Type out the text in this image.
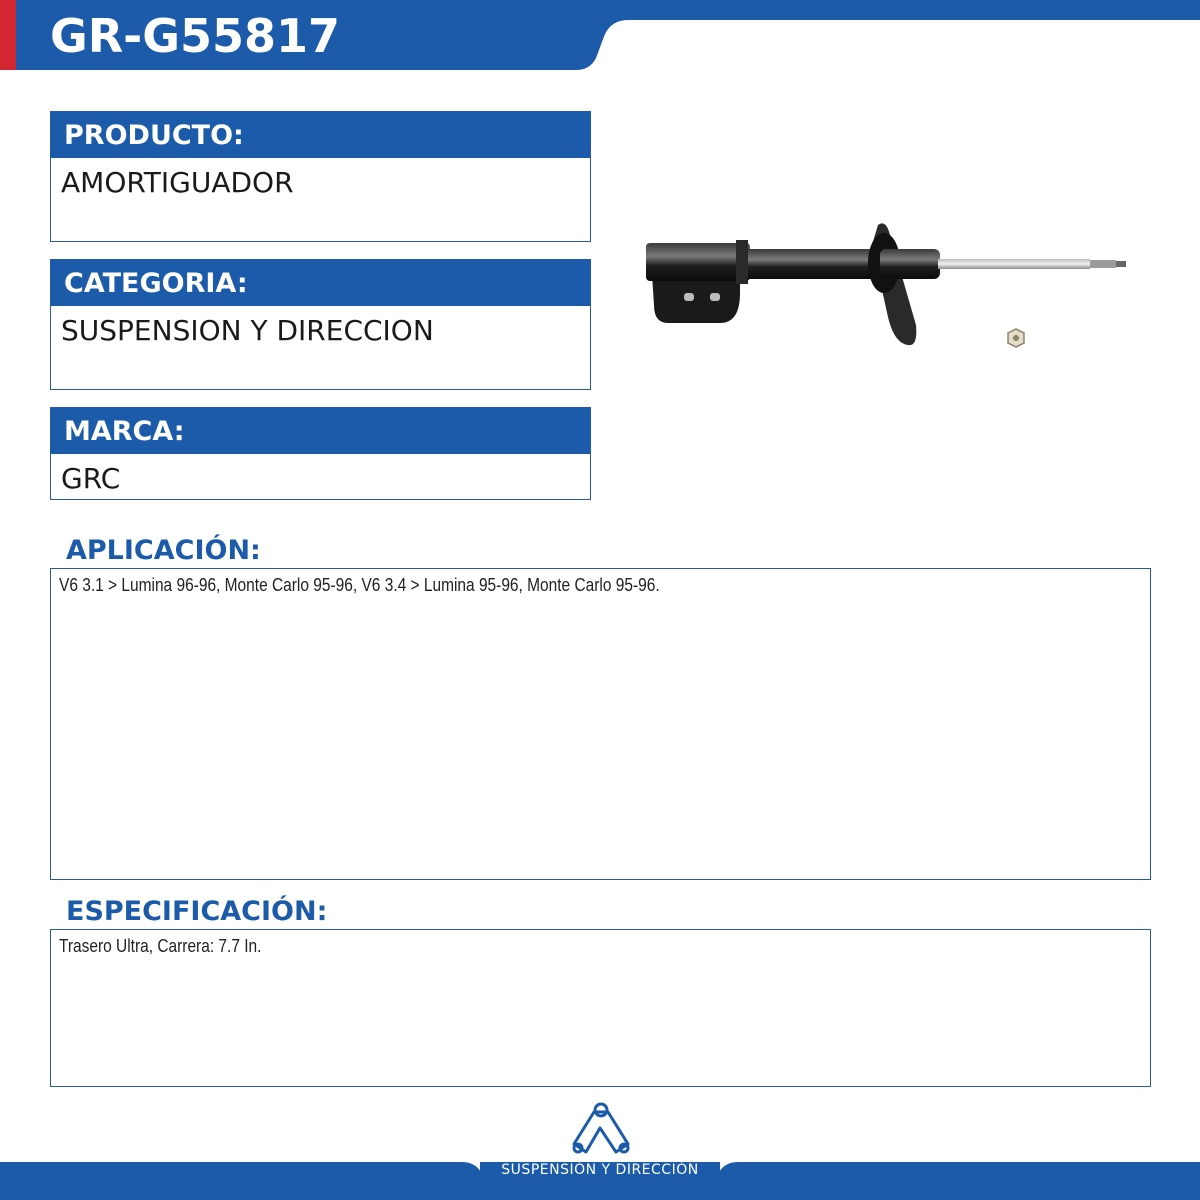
GR-G55817
PRODUCTO:
AMORTIGUADOR
CATEGORIA:
SUSPENSION Y DIRECCION
MARCA:
GRC
APLICACIÓN:
V6 3.1 > Lumina 96-96, Monte Carlo 95-96, V6 3.4 > Lumina 95-96, Monte Carlo 95-96.
ESPECIFICACIÓN:
Trasero Ultra, Carrera: 7.7 In.
SUSPENSIÓN Y DIRECCIÓN
